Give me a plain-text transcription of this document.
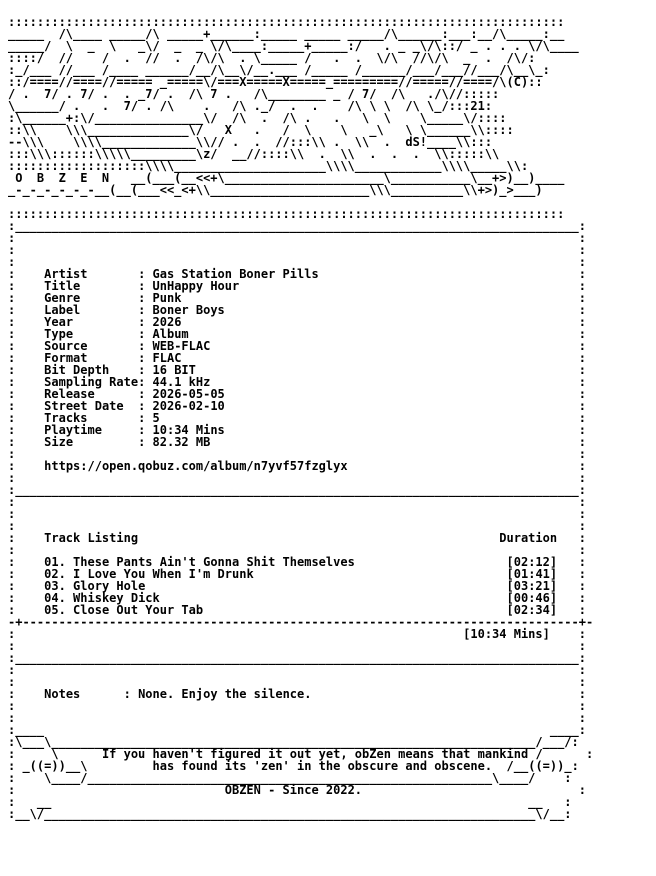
:::::::::::::::::::::::::::::::::::::::::::::::::::::::::::::::::::::::::::::
_____  /\____ _____/\ _____+______:_____ _____ _____/\______:___:__/\_____:__
_____/  \  _  \   _\/  _  _ \/\____:_____+_____:/   . _ _\/\::/ _ . . . \/\____
::::/  //    /  .  //  .  /\/\  . \_____ /   .  .  \/\  //\/\  _  .  /\/:
:_/___ //___ /____ ______/__/\__\/__.___ /_____ /______/___/___//___/\__\_:
::/====//====//===== _=====\/===X=====X=====_=========//=====//====/\(C)::
/ .  7/ . 7/ .  . _7/ .  /\ 7 .   /\________ _ / 7/  /\   ./\//:::::
\______/ .   .  7/ . /\    .   /\ ._/  .  .    /\ \ \  /\ \_/:::21:
:\______+:\/_______________\/  /\  .  /\ .   .   \  \    \_____\/::::
::\\    \\\______________\/   X   .   /  \    \   _\   \ \______\\::::
--\\\    \\\\_____________\\// .  .  //:::\\ .  \\  .  dS!____\\:::
:::\\\::::::\\\\\_________\z/  __//::::\\  .  \\  .  .  .  \\:::::\\
:::::::::::::::::::\\\\_____________________\\\\____________\\\\_____\\:
O  B  Z  E  N   __(___(__<<+\______________________\___________\__+>)__)____
_-_-_-_-_-_-__(__(___<<_<+\\______________________\\\__________\\+>)_>___)

:::::::::::::::::::::::::::::::::::::::::::::::::::::::::::::::::::::::::::::
:______________________________________________________________________________:
:	:
:	:
:	:
: Artist       : Gas Station Boner Pills	:
: Title        : UnHappy Hour	:
: Genre        : Punk	:
: Label        : Boner Boys	:
: Year         : 2026	:
: Type         : Album	:
: Source       : WEB-FLAC	:
: Format       : FLAC	:
: Bit Depth    : 16 BIT	:
: Sampling Rate: 44.1 kHz	:
: Release      : 2026-05-05	:
: Street Date  : 2026-02-10	:
: Tracks       : 5	:
: Playtime     : 10:34 Mins	:
: Size         : 82.32 MB	:
:	:
: https://open.qobuz.com/album/n7yvf57fzglyx	:
:	:
:______________________________________________________________________________:
:	:
:	:
:	:
:    Track Listing	Duration   :
:	:
:    01. These Pants Ain't Gonna Shit Themselves	[02:12]   :
:    02. I Love You When I'm Drunk	[01:41]   :
:    03. Glory Hole	[03:21]   :
:    04. Whiskey Dick	[00:46]   :
:    05. Close Out Your Tab	[02:34]   :
-+-----------------------------------------------------------------------------+-
:                                                              [10:34 Mins]    :
:	:
:______________________________________________________________________________:
:	:
:	:
: Notes      : None. Enjoy the silence.	:
:	:
:	:
:____                                                                      ____:
:\___\___________________________________________________________________/___/:
:     \      If you haven't figured it out yet, obZen means that mankind /      :
: _((=))__\         has found its 'zen' in the obscure and obscene. /__((=))_:
:    \____/________________________________________________________\____/    :
:                             OBZEN - Since 2022.                              :
:   __                                                                  __   :
:__\/____________________________________________________________________\/__:
